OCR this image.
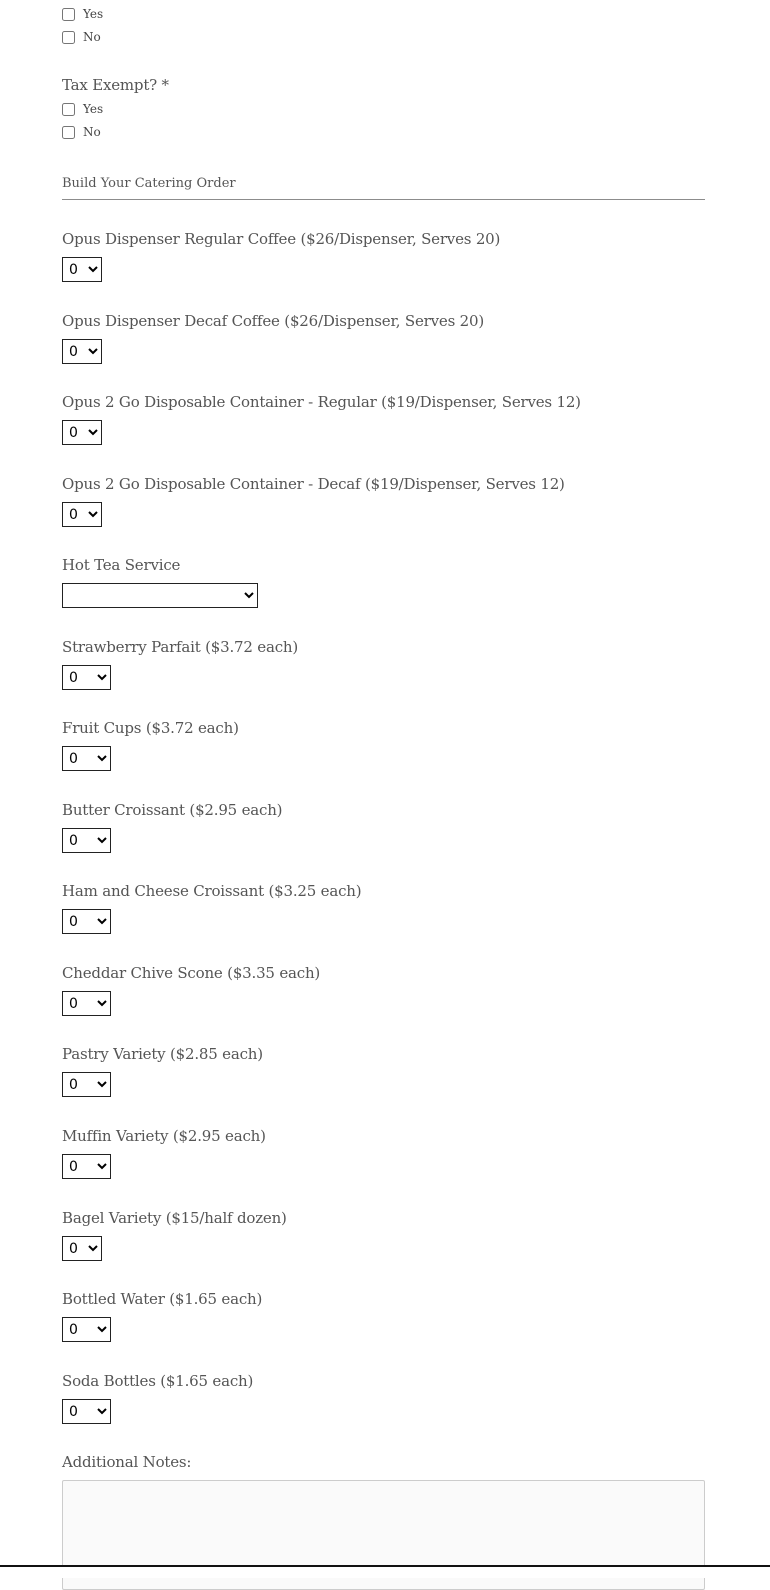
Yes
No
Tax Exempt? *
Yes
No
Build Your Catering Order
Opus Dispenser Regular Coffee ($26/Dispenser, Serves 20)
0
Opus Dispenser Decaf Coffee ($26/Dispenser, Serves 20)
0
Opus 2 Go Disposable Container - Regular ($19/Dispenser, Serves 12)
0
Opus 2 Go Disposable Container - Decaf ($19/Dispenser, Serves 12)
0
Hot Tea Service
Strawberry Parfait ($3.72 each)
0
Fruit Cups ($3.72 each)
0
Butter Croissant ($2.95 each)
0
Ham and Cheese Croissant ($3.25 each)
0
Cheddar Chive Scone ($3.35 each)
0
Pastry Variety ($2.85 each)
0
Muffin Variety ($2.95 each)
0
Bagel Variety ($15/half dozen)
0
Bottled Water ($1.65 each)
0
Soda Bottles ($1.65 each)
0
Additional Notes:
